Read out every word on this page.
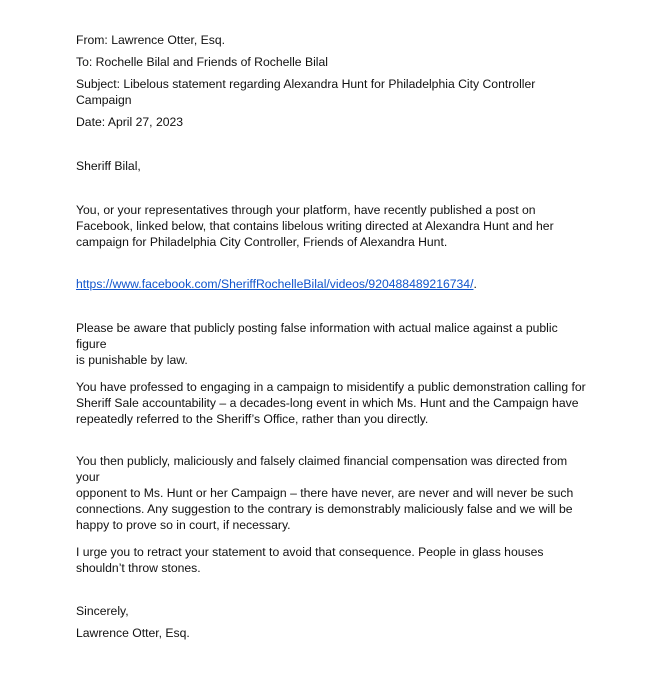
From: Lawrence Otter, Esq.
To: Rochelle Bilal and Friends of Rochelle Bilal
Subject: Libelous statement regarding Alexandra Hunt for Philadelphia City Controller
Campaign
Date: April 27, 2023
Sheriff Bilal,

You, or your representatives through your platform, have recently published a post on

Facebook, linked below, that contains libelous writing directed at Alexandra Hunt and her

campaign for Philadelphia City Controller, Friends of Alexandra Hunt.

https://www.facebook.com/SheriffRochelleBilal/videos/920488489216734/.

Please be aware that publicly posting false information with actual malice against a public figure

is punishable by law.

You have professed to engaging in a campaign to misidentify a public demonstration calling for

Sheriff Sale accountability – a decades-long event in which Ms. Hunt and the Campaign have

repeatedly referred to the Sheriff’s Office, rather than you directly.

You then publicly, maliciously and falsely claimed financial compensation was directed from your

opponent to Ms. Hunt or her Campaign – there have never, are never and will never be such

connections. Any suggestion to the contrary is demonstrably maliciously false and we will be

happy to prove so in court, if necessary.

I urge you to retract your statement to avoid that consequence. People in glass houses

shouldn’t throw stones.

Sincerely,
Lawrence Otter, Esq.
